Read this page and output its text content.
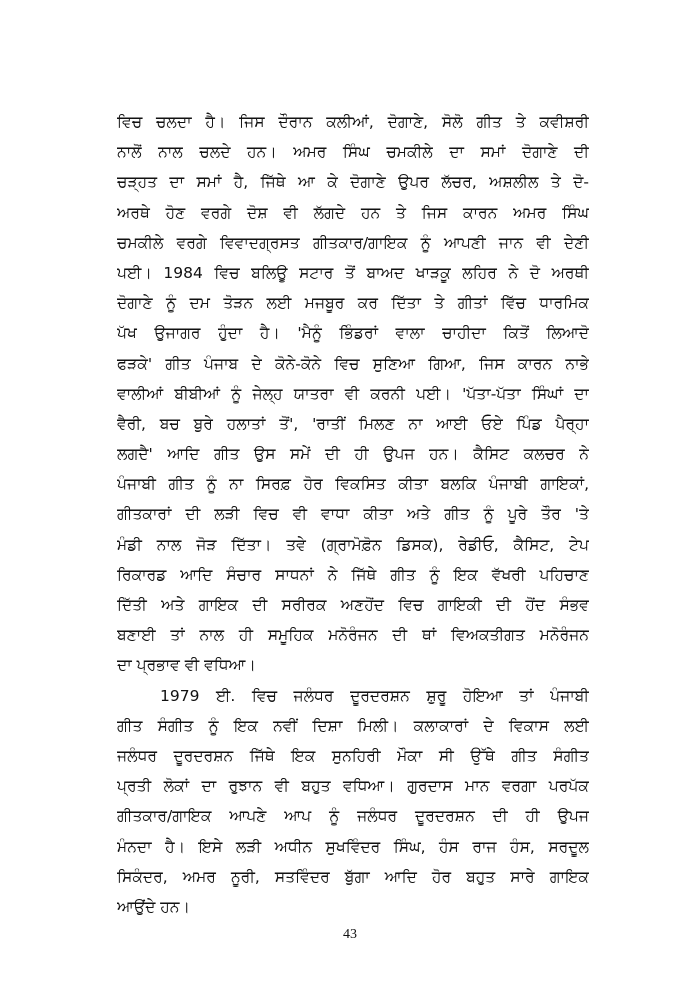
ਵਿਚ ਚਲਦਾ ਹੈ। ਜਿਸ ਦੌਰਾਨ ਕਲੀਆਂ, ਦੋਗਾਣੇ, ਸੋਲੋ ਗੀਤ ਤੇ ਕਵੀਸ਼ਰੀ
ਨਾਲੋਂ ਨਾਲ ਚਲਦੇ ਹਨ। ਅਮਰ ਸਿੰਘ ਚਮਕੀਲੇ ਦਾ ਸਮਾਂ ਦੋਗਾਣੇ ਦੀ
ਚੜ੍ਹਤ ਦਾ ਸਮਾਂ ਹੈ, ਜਿੱਥੇ ਆ ਕੇ ਦੋਗਾਣੇ ਉਪਰ ਲੱਚਰ, ਅਸ਼ਲੀਲ ਤੇ ਦੋ-
ਅਰਥੇ ਹੋਣ ਵਰਗੇ ਦੋਸ਼ ਵੀ ਲੱਗਦੇ ਹਨ ਤੇ ਜਿਸ ਕਾਰਨ ਅਮਰ ਸਿੰਘ
ਚਮਕੀਲੇ ਵਰਗੇ ਵਿਵਾਦਗ੍ਰਸਤ ਗੀਤਕਾਰ/ਗਾਇਕ ਨੂੰ ਆਪਣੀ ਜਾਨ ਵੀ ਦੇਣੀ
ਪਈ। 1984 ਵਿਚ ਬਲਿਊ ਸਟਾਰ ਤੋਂ ਬਾਅਦ ਖਾੜਕੂ ਲਹਿਰ ਨੇ ਦੋ ਅਰਥੀ
ਦੋਗਾਣੇ ਨੂੰ ਦਮ ਤੋੜਨ ਲਈ ਮਜਬੂਰ ਕਰ ਦਿੱਤਾ ਤੇ ਗੀਤਾਂ ਵਿੱਚ ਧਾਰਮਿਕ
ਪੱਖ ਉਜਾਗਰ ਹੁੰਦਾ ਹੈ। 'ਮੈਨੂੰ ਭਿੰਡਰਾਂ ਵਾਲਾ ਚਾਹੀਦਾ ਕਿਤੋਂ ਲਿਆਦੋ
ਫੜਕੇ' ਗੀਤ ਪੰਜਾਬ ਦੇ ਕੋਨੇ-ਕੋਨੇ ਵਿਚ ਸੁਣਿਆ ਗਿਆ, ਜਿਸ ਕਾਰਨ ਨਾਭੇ
ਵਾਲੀਆਂ ਬੀਬੀਆਂ ਨੂੰ ਜੇਲ੍ਹ ਯਾਤਰਾ ਵੀ ਕਰਨੀ ਪਈ। 'ਪੱਤਾ-ਪੱਤਾ ਸਿੰਘਾਂ ਦਾ
ਵੈਰੀ, ਬਚ ਬੁਰੇ ਹਲਾਤਾਂ ਤੋਂ', 'ਰਾਤੀਂ ਮਿਲਣ ਨਾ ਆਈ ਓਏ ਪਿੰਡ ਪੈਰ੍ਹਾ
ਲਗਦੈ' ਆਦਿ ਗੀਤ ਉਸ ਸਮੇਂ ਦੀ ਹੀ ਉਪਜ ਹਨ। ਕੈਸਿਟ ਕਲਚਰ ਨੇ
ਪੰਜਾਬੀ ਗੀਤ ਨੂੰ ਨਾ ਸਿਰਫ਼ ਹੋਰ ਵਿਕਸਿਤ ਕੀਤਾ ਬਲਕਿ ਪੰਜਾਬੀ ਗਾਇਕਾਂ,
ਗੀਤਕਾਰਾਂ ਦੀ ਲੜੀ ਵਿਚ ਵੀ ਵਾਧਾ ਕੀਤਾ ਅਤੇ ਗੀਤ ਨੂੰ ਪੂਰੇ ਤੌਰ 'ਤੇ
ਮੰਡੀ ਨਾਲ ਜੋੜ ਦਿੱਤਾ। ਤਵੇ (ਗ੍ਰਾਮੋਫ਼ੋਨ ਡਿਸਕ), ਰੇਡੀਓ, ਕੈਸਿਟ, ਟੇਪ
ਰਿਕਾਰਡ ਆਦਿ ਸੰਚਾਰ ਸਾਧਨਾਂ ਨੇ ਜਿੱਥੇ ਗੀਤ ਨੂੰ ਇਕ ਵੱਖਰੀ ਪਹਿਚਾਣ
ਦਿੱਤੀ ਅਤੇ ਗਾਇਕ ਦੀ ਸਰੀਰਕ ਅਣਹੋਂਦ ਵਿਚ ਗਾਇਕੀ ਦੀ ਹੋਂਦ ਸੰਭਵ
ਬਣਾਈ ਤਾਂ ਨਾਲ ਹੀ ਸਮੂਹਿਕ ਮਨੋਰੰਜਨ ਦੀ ਥਾਂ ਵਿਅਕਤੀਗਤ ਮਨੋਰੰਜਨ
ਦਾ ਪ੍ਰਭਾਵ ਵੀ ਵਧਿਆ।
1979 ਈ. ਵਿਚ ਜਲੰਧਰ ਦੂਰਦਰਸ਼ਨ ਸ਼ੁਰੂ ਹੋਇਆ ਤਾਂ ਪੰਜਾਬੀ
ਗੀਤ ਸੰਗੀਤ ਨੂੰ ਇਕ ਨਵੀਂ ਦਿਸ਼ਾ ਮਿਲੀ। ਕਲਾਕਾਰਾਂ ਦੇ ਵਿਕਾਸ ਲਈ
ਜਲੰਧਰ ਦੂਰਦਰਸ਼ਨ ਜਿੱਥੇ ਇਕ ਸੁਨਹਿਰੀ ਮੌਕਾ ਸੀ ਉੱਥੇ ਗੀਤ ਸੰਗੀਤ
ਪ੍ਰਤੀ ਲੋਕਾਂ ਦਾ ਰੁਝਾਨ ਵੀ ਬਹੁਤ ਵਧਿਆ। ਗੁਰਦਾਸ ਮਾਨ ਵਰਗਾ ਪਰਪੱਕ
ਗੀਤਕਾਰ/ਗਾਇਕ ਆਪਣੇ ਆਪ ਨੂੰ ਜਲੰਧਰ ਦੂਰਦਰਸ਼ਨ ਦੀ ਹੀ ਉਪਜ
ਮੰਨਦਾ ਹੈ। ਇਸੇ ਲੜੀ ਅਧੀਨ ਸੁਖਵਿੰਦਰ ਸਿੰਘ, ਹੰਸ ਰਾਜ ਹੰਸ, ਸਰਦੂਲ
ਸਿਕੰਦਰ, ਅਮਰ ਨੂਰੀ, ਸਤਵਿੰਦਰ ਬੁੱਗਾ ਆਦਿ ਹੋਰ ਬਹੁਤ ਸਾਰੇ ਗਾਇਕ
ਆਉਂਦੇ ਹਨ।
43
